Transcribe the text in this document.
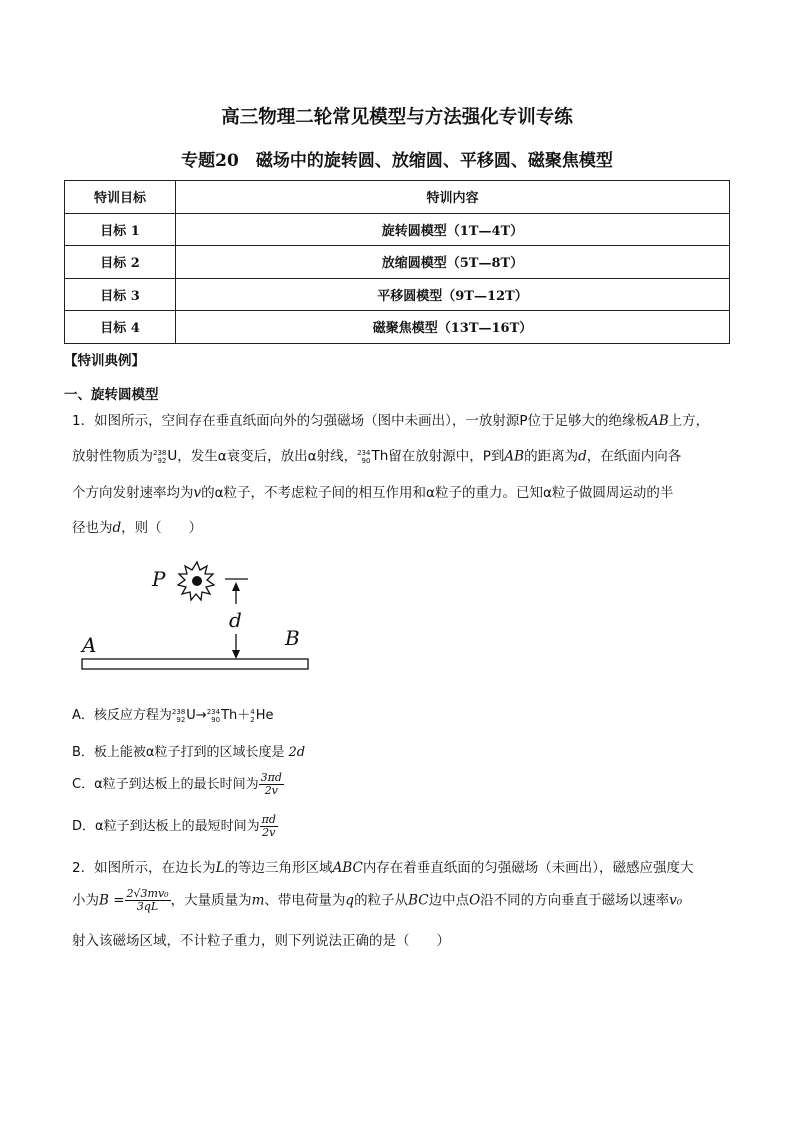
高三物理二轮常见模型与方法强化专训专练
专题20　磁场中的旋转圆、放缩圆、平移圆、磁聚焦模型
特训目标	特训内容
目标 1	旋转圆模型（1T—4T）
目标 2	放缩圆模型（5T—8T）
目标 3	平移圆模型（9T—12T）
目标 4	磁聚焦模型（13T—16T）
【特训典例】
一、旋转圆模型
1．如图所示，空间存在垂直纸面向外的匀强磁场（图中未画出），一放射源P位于足够大的绝缘板AB上方，
放射性物质为 238
92 U ，发生α衰变后，放出α射线， 234
90 Th 留在放射源中，P到AB的距离为d，在纸面内向各
个方向发射速率均为v的α粒子，不考虑粒子间的相互作用和α粒子的重力。已知α粒子做圆周运动的半
径也为d，则（　　）
P
d
A	B
A．核反应方程为 238
92 U → 234
90 Th ＋ 4
2 He
B．板上能被α粒子打到的区域长度是 2d
C．α粒子到达板上的最长时间为 $\frac{3\pi d}{2v}$
D．α粒子到达板上的最短时间为 $\frac{\pi d}{2v}$
2．如图所示，在边长为L的等边三角形区域ABC内存在着垂直纸面的匀强磁场（未画出），磁感应强度大
小为$B = \frac{\text{2√3mv₀}}{3qL}$ ，大量质量为m、带电荷量为q的粒子从BC边中点O沿不同的方向垂直于磁场以速率v₀
射入该磁场区域，不计粒子重力，则下列说法正确的是（　　）
